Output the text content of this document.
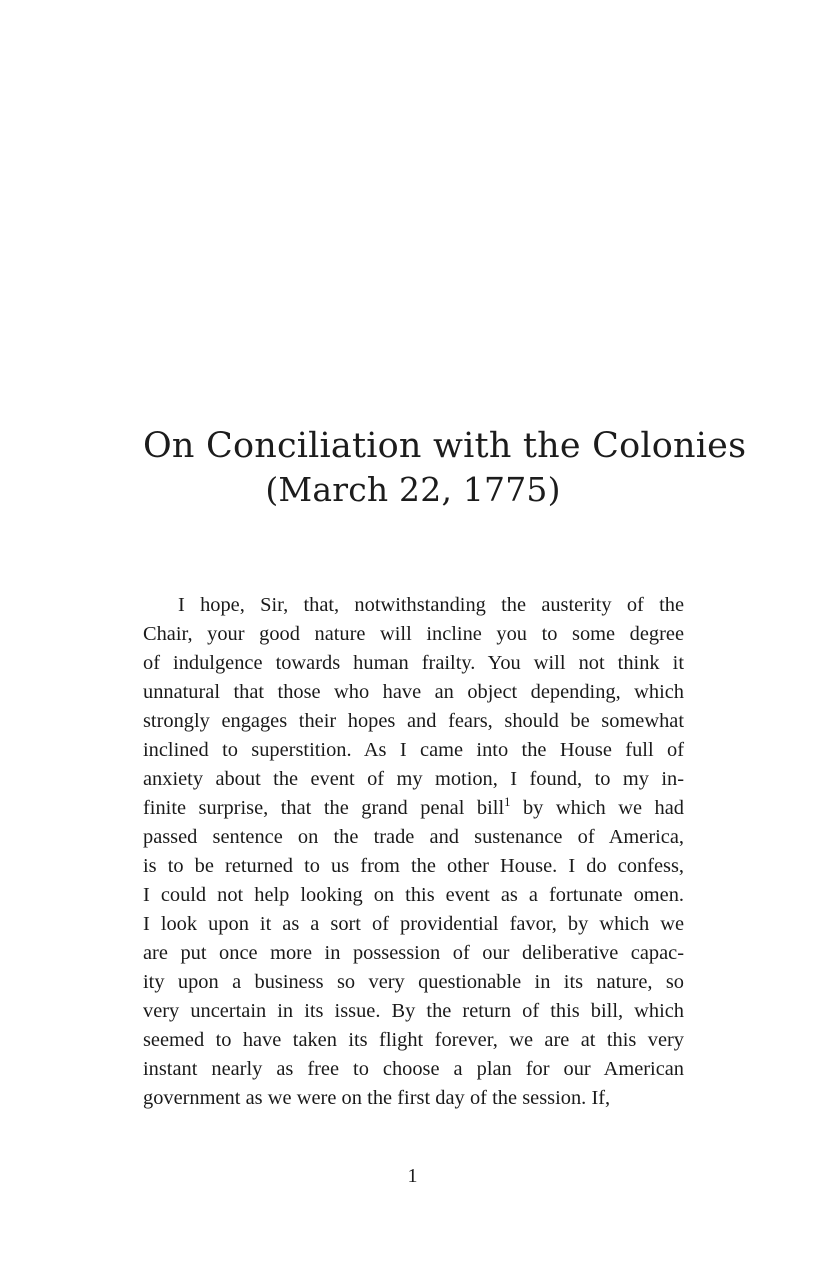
On Conciliation with the Colonies
(March 22, 1775)

I hope, Sir, that, notwithstanding the austerity of the
Chair, your good nature will incline you to some degree
of indulgence towards human frailty. You will not think it
unnatural that those who have an object depending, which
strongly engages their hopes and fears, should be somewhat
inclined to superstition. As I came into the House full of
anxiety about the event of my motion, I found, to my in-
finite surprise, that the grand penal bill$^1$ by which we had
passed sentence on the trade and sustenance of America,
is to be returned to us from the other House. I do confess,
I could not help looking on this event as a fortunate omen.
I look upon it as a sort of providential favor, by which we
are put once more in possession of our deliberative capac-
ity upon a business so very questionable in its nature, so
very uncertain in its issue. By the return of this bill, which
seemed to have taken its flight forever, we are at this very
instant nearly as free to choose a plan for our American
government as we were on the first day of the session. If,

1
